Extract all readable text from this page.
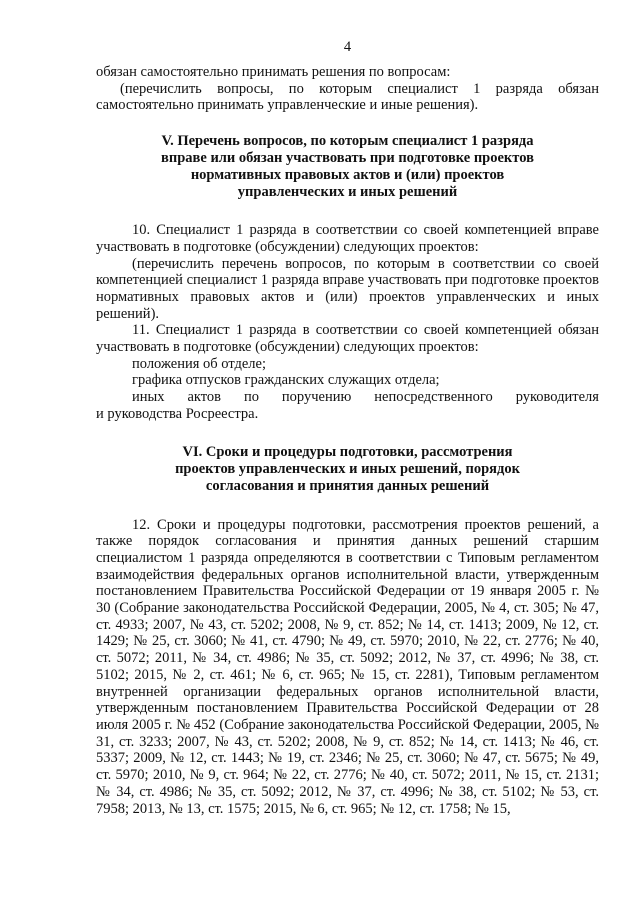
4

обязан самостоятельно принимать решения по вопросам:

(перечислить вопросы, по которым специалист 1 разряда обязан самостоятельно принимать управленческие и иные решения).

V. Перечень вопросов, по которым специалист 1 разряда
вправе или обязан участвовать при подготовке проектов
нормативных правовых актов и (или) проектов
управленческих и иных решений

10. Специалист 1 разряда в соответствии со своей компетенцией вправе участвовать в подготовке (обсуждении) следующих проектов:

(перечислить перечень вопросов, по которым в соответствии со своей компетенцией специалист 1 разряда вправе участвовать при подготовке проектов нормативных правовых актов и (или) проектов управленческих и иных решений).

11. Специалист 1 разряда в соответствии со своей компетенцией обязан участвовать в подготовке (обсуждении) следующих проектов:

положения об отделе;

графика отпусков гражданских служащих отдела;

иных актов по поручению непосредственного руководителя

и руководства Росреестра.

VI. Сроки и процедуры подготовки, рассмотрения
проектов управленческих и иных решений, порядок
согласования и принятия данных решений

12. Сроки и процедуры подготовки, рассмотрения проектов решений, а также порядок согласования и принятия данных решений старшим специалистом 1 разряда определяются в соответствии с Типовым регламентом взаимодействия федеральных органов исполнительной власти, утвержденным постановлением Правительства Российской Федерации от 19 января 2005 г. № 30 (Собрание законодательства Российской Федерации, 2005, № 4, ст. 305; № 47, ст. 4933; 2007, № 43, ст. 5202; 2008, № 9, ст. 852; № 14, ст. 1413; 2009, № 12, ст. 1429; № 25, ст. 3060; № 41, ст. 4790; № 49, ст. 5970; 2010, № 22, ст. 2776; № 40, ст. 5072; 2011, № 34, ст. 4986; № 35, ст. 5092; 2012, № 37, ст. 4996; № 38, ст. 5102; 2015, № 2, ст. 461; № 6, ст. 965; № 15, ст. 2281), Типовым регламентом внутренней организации федеральных органов исполнительной власти, утвержденным постановлением Правительства Российской Федерации от 28 июля 2005 г. № 452 (Собрание законодательства Российской Федерации, 2005, № 31, ст. 3233; 2007, № 43, ст. 5202; 2008, № 9, ст. 852; № 14, ст. 1413; № 46, ст. 5337; 2009, № 12, ст. 1443; № 19, ст. 2346; № 25, ст. 3060; № 47, ст. 5675; № 49, ст. 5970; 2010, № 9, ст. 964; № 22, ст. 2776; № 40, ст. 5072; 2011, № 15, ст. 2131; № 34, ст. 4986; № 35, ст. 5092; 2012, № 37, ст. 4996; № 38, ст. 5102; № 53, ст. 7958; 2013, № 13, ст. 1575; 2015, № 6, ст. 965; № 12, ст. 1758; № 15,
